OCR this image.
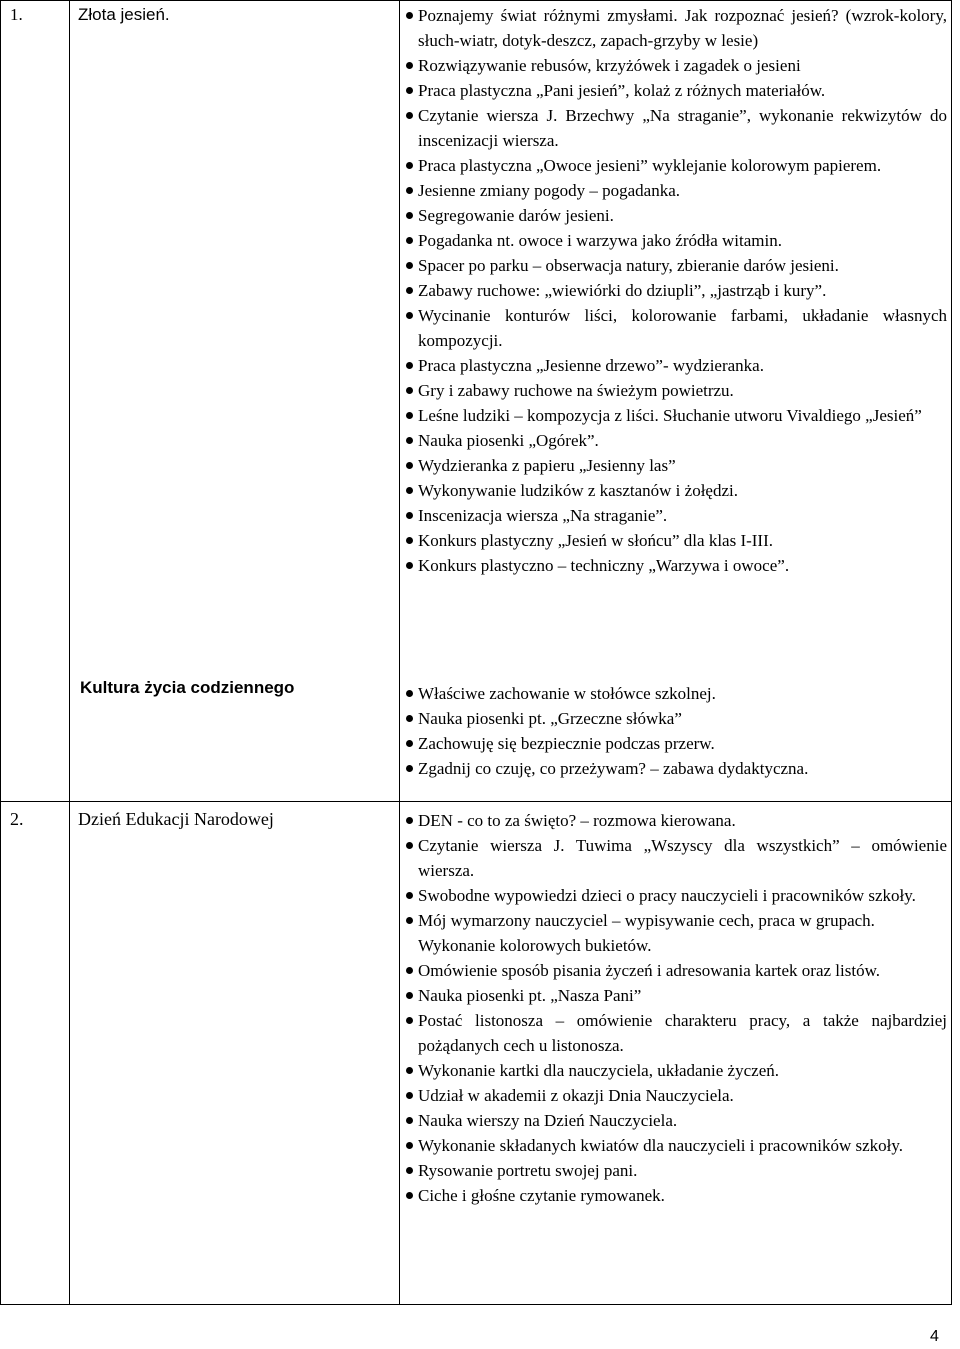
1.	Złota jesień.	Poznajemy świat różnymi zmysłami. Jak rozpoznać jesień? (wzrok-kolory, słuch-wiatr, dotyk-deszcz, zapach-grzyby w lesie)
Rozwiązywanie rebusów, krzyżówek i zagadek o jesieni
Praca plastyczna „Pani jesień”, kolaż z różnych materiałów.
Czytanie wiersza J. Brzechwy „Na straganie”, wykonanie rekwizytów do inscenizacji wiersza.
Praca plastyczna „Owoce jesieni” wyklejanie kolorowym papierem.
Jesienne zmiany pogody – pogadanka.
Segregowanie darów jesieni.
Pogadanka nt. owoce i warzywa jako źródła witamin.
Spacer po parku – obserwacja natury, zbieranie darów jesieni.
Zabawy ruchowe: „wiewiórki do dziupli”, „jastrząb i kury”.
Wycinanie konturów liści, kolorowanie farbami, układanie własnych kompozycji.
Praca plastyczna „Jesienne drzewo”- wydzieranka.
Gry i zabawy ruchowe na świeżym powietrzu.
Leśne ludziki – kompozycja z liści. Słuchanie utworu Vivaldiego „Jesień”
Nauka piosenki „Ogórek”.
Wydzieranka z papieru „Jesienny las”
Wykonywanie ludzików z kasztanów i żołędzi.
Inscenizacja wiersza „Na straganie”.
Konkurs plastyczny „Jesień w słońcu” dla klas I-III.
Konkurs plastyczno – techniczny „Warzywa i owoce”.
Kultura życia codziennego	Właściwe zachowanie w stołówce szkolnej.
Nauka piosenki pt. „Grzeczne słówka”
Zachowuję się bezpiecznie podczas przerw.
Zgadnij co czuję, co przeżywam? – zabawa dydaktyczna.
2.	Dzień Edukacji Narodowej	DEN - co to za święto? – rozmowa kierowana.
Czytanie wiersza J. Tuwima „Wszyscy dla wszystkich” – omówienie wiersza.
Swobodne wypowiedzi dzieci o pracy nauczycieli i pracowników szkoły.
Mój wymarzony nauczyciel – wypisywanie cech, praca w grupach.
Wykonanie kolorowych bukietów.
Omówienie sposób pisania życzeń i adresowania kartek oraz listów.
Nauka piosenki pt. „Nasza Pani”
Postać listonosza – omówienie charakteru pracy, a także najbardziej pożądanych cech u listonosza.
Wykonanie kartki dla nauczyciela, układanie życzeń.
Udział w akademii z okazji Dnia Nauczyciela.
Nauka wierszy na Dzień Nauczyciela.
Wykonanie składanych kwiatów dla nauczycieli i pracowników szkoły.
Rysowanie portretu swojej pani.
Ciche i głośne czytanie rymowanek.
4
